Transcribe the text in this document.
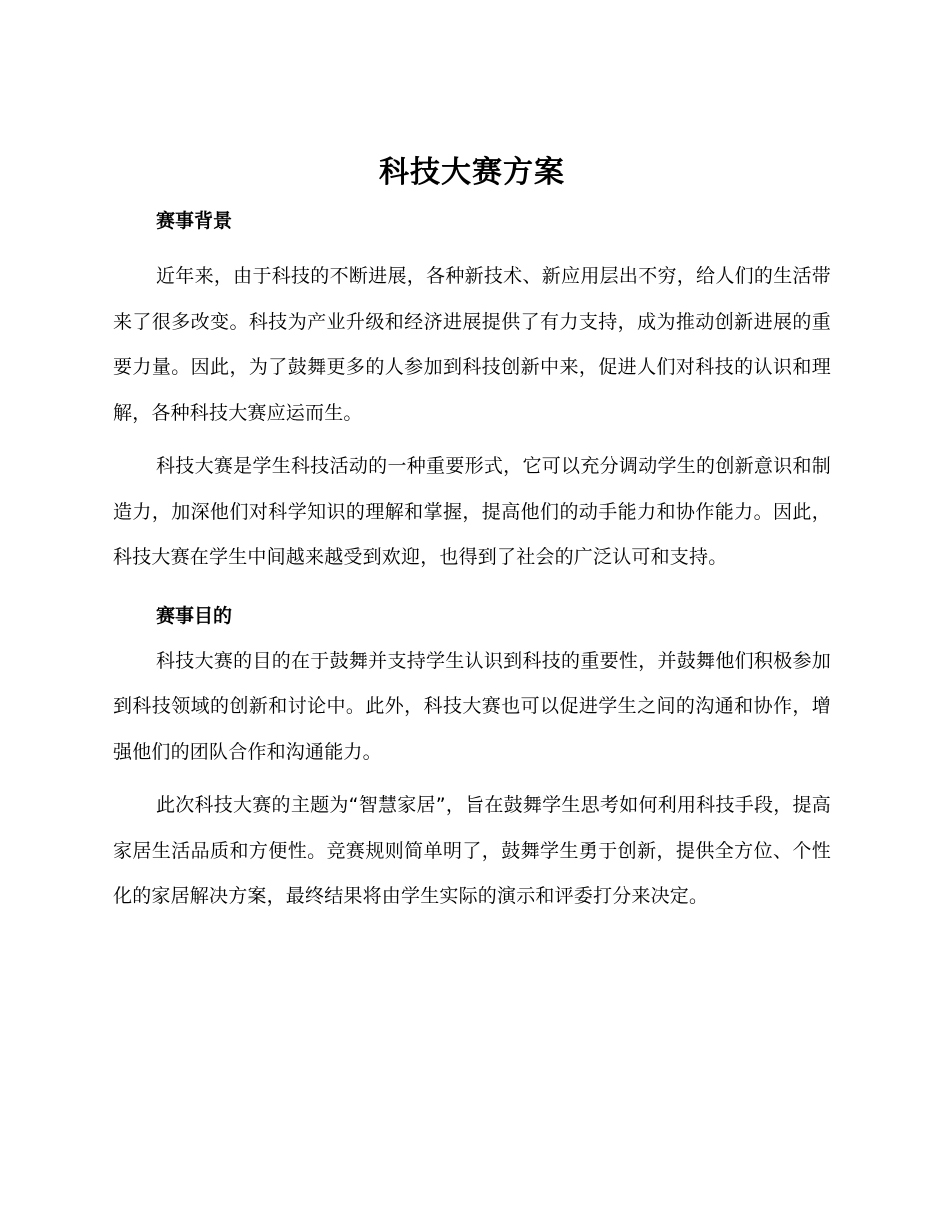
科技大赛方案
赛事背景

近年来，由于科技的不断进展，各种新技术、新应用层出不穷，给人们的生活带来了很多改变。科技为产业升级和经济进展提供了有力支持，成为推动创新进展的重要力量。因此，为了鼓舞更多的人参加到科技创新中来，促进人们对科技的认识和理解，各种科技大赛应运而生。

科技大赛是学生科技活动的一种重要形式，它可以充分调动学生的创新意识和制造力，加深他们对科学知识的理解和掌握，提高他们的动手能力和协作能力。因此，科技大赛在学生中间越来越受到欢迎，也得到了社会的广泛认可和支持。

赛事目的

科技大赛的目的在于鼓舞并支持学生认识到科技的重要性，并鼓舞他们积极参加到科技领域的创新和讨论中。此外，科技大赛也可以促进学生之间的沟通和协作，增强他们的团队合作和沟通能力。

此次科技大赛的主题为“智慧家居”，旨在鼓舞学生思考如何利用科技手段，提高家居生活品质和方便性。竞赛规则简单明了，鼓舞学生勇于创新，提供全方位、个性化的家居解决方案，最终结果将由学生实际的演示和评委打分来决定。
